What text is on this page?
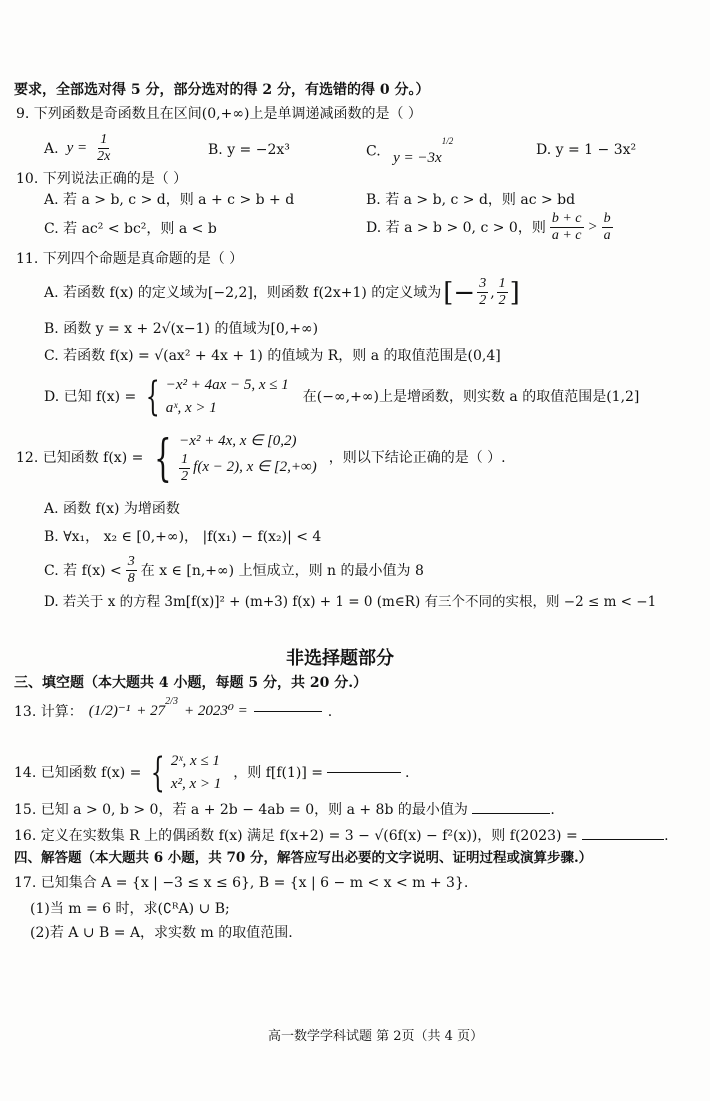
要求，全部选对得 5 分，部分选对的得 2 分，有选错的得 0 分。）
9. 下列函数是奇函数且在区间(0,+∞)上是单调递减函数的是（ ）
A. $y = \frac{1}{2x}$	B. y = −2x³	C. $y = -3x^{1/2}$
D. y = 1 − 3x²
10. 下列说法正确的是（ ）
A. 若 a > b, c > d，则 a + c > b + d	B. 若 a > b, c > d，则 ac > bd
C. 若 ac² < bc²，则 a < b	D. 若 a > b > 0, c > 0，则 $\frac{b + c}{a + c} > \frac{b}{a}$
11. 下列四个命题是真命题的是（ ）
A. 若函数 f(x) 的定义域为[−2,2]，则函数 f(2x+1) 的定义域为 [− $\frac{3}{2}$ , $\frac{1}{2}$ ]
B. 函数 y = x + 2√(x−1) 的值域为[0,+∞)
C. 若函数 f(x) = √(ax² + 4x + 1) 的值域为 R，则 a 的取值范围是(0,4]
D. 已知 f(x) = { −x² + 4ax − 5, x ≤ 1
aˣ, x > 1
在(−∞,+∞)上是增函数，则实数 a 的取值范围是(1,2]
12. 已知函数 f(x) = { −x² + 4x, x ∈ [0,2)
$\frac{1}{2} f(x - 2)$, x ∈ [2,+∞)
，则以下结论正确的是（ ）.
A. 函数 f(x) 为增函数
B. ∀x₁， x₂ ∈ [0,+∞)， |f(x₁) − f(x₂)| < 4
C. 若 $f(x) < \frac{3}{8}$ 在 x ∈ [n,+∞) 上恒成立，则 n 的最小值为 8
D. 若关于 x 的方程 3m[f(x)]² + (m+3) f(x) + 1 = 0 (m∈R) 有三个不同的实根，则 −2 ≤ m < −1
非选择题部分
三、填空题（本大题共 4 小题，每题 5 分，共 20 分.）
13. 计算： (1/2)⁻¹ + 27
$^{2/3}$
+ 2023⁰ =	.
14. 已知函数 f(x) = { 2ˣ, x ≤ 1
x², x > 1
，则 f[f(1)] =	.
15. 已知 a > 0, b > 0，若 a + 2b − 4ab = 0，则 a + 8b 的最小值为	.
16. 定义在实数集 R 上的偶函数 f(x) 满足 f(x+2) = 3 − √(6f(x) − f²(x))，则 f(2023) =	.
四、解答题（本大题共 6 小题，共 70 分，解答应写出必要的文字说明、证明过程或演算步骤.）
17. 已知集合 A = {x | −3 ≤ x ≤ 6}, B = {x | 6 − m < x < m + 3}.
(1)当 m = 6 时，求(∁ᴿA) ∪ B;
(2)若 A ∪ B = A，求实数 m 的取值范围.
高一数学学科试题 第 2页（共 4 页）
